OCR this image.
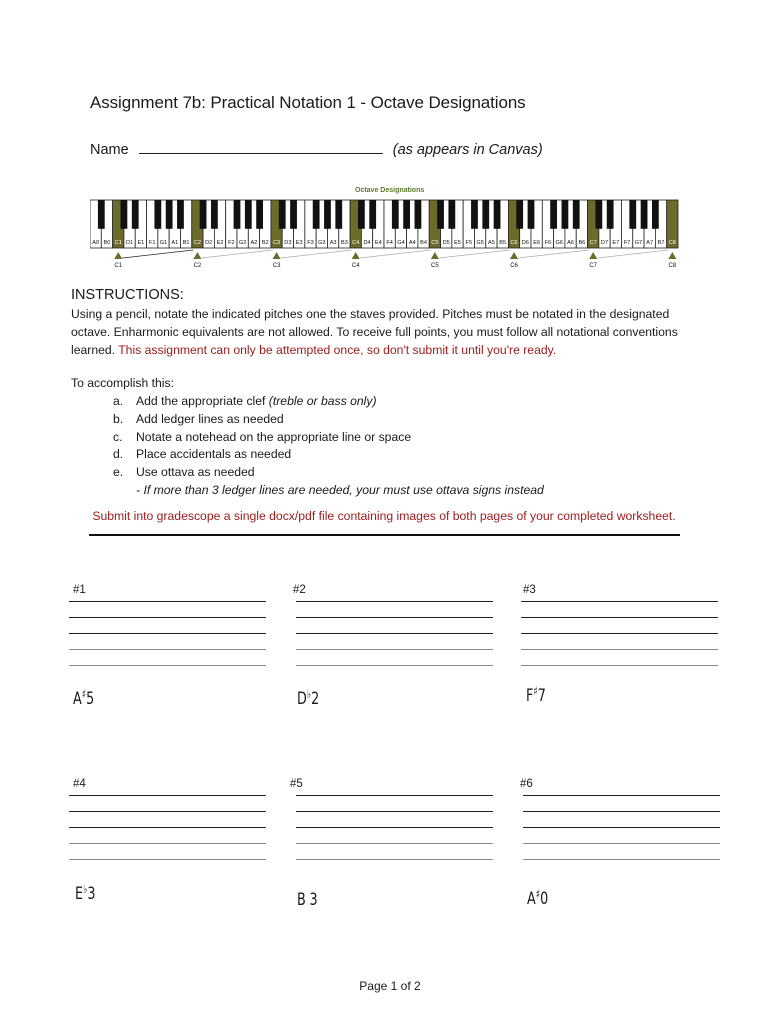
Assignment 7b: Practical Notation 1 - Octave Designations
Name	(as appears in Canvas)
Octave Designations
A0 B0 C1 D1 E1 F1 G1 A1 B1 C2 D2 E2 F2 G2 A2 B2 C3 D3 E3 F3 G3 A3 B3 C4 D4 E4 F4 G4 A4 B4 C5 D5 E5 F5 G5 A5 B5 C6 D6 E6 F6 G6 A6 B6 C7 D7 E7 F7 G7 A7 B7 C8
C1	C2	C3	C4	C5	C6	C7	C8
INSTRUCTIONS:
Using a pencil, notate the indicated pitches one the staves provided. Pitches must be notated in the designated octave. Enharmonic equivalents are not allowed. To receive full points, you must follow all notational conventions learned. This assignment can only be attempted once, so don't submit it until you're ready.
To accomplish this:
a. Add the appropriate clef (treble or bass only)
b. Add ledger lines as needed
c. Notate a notehead on the appropriate line or space
d. Place accidentals as needed
e. Use ottava as needed
- If more than 3 ledger lines are needed, your must use ottava signs instead
Submit into gradescope a single docx/pdf file containing images of both pages of your completed worksheet.
#1
A♯5
#2
D♭2
#3
F♯7
#4
E♭3
#5
B 3
#6
A♯0
Page 1 of 2
